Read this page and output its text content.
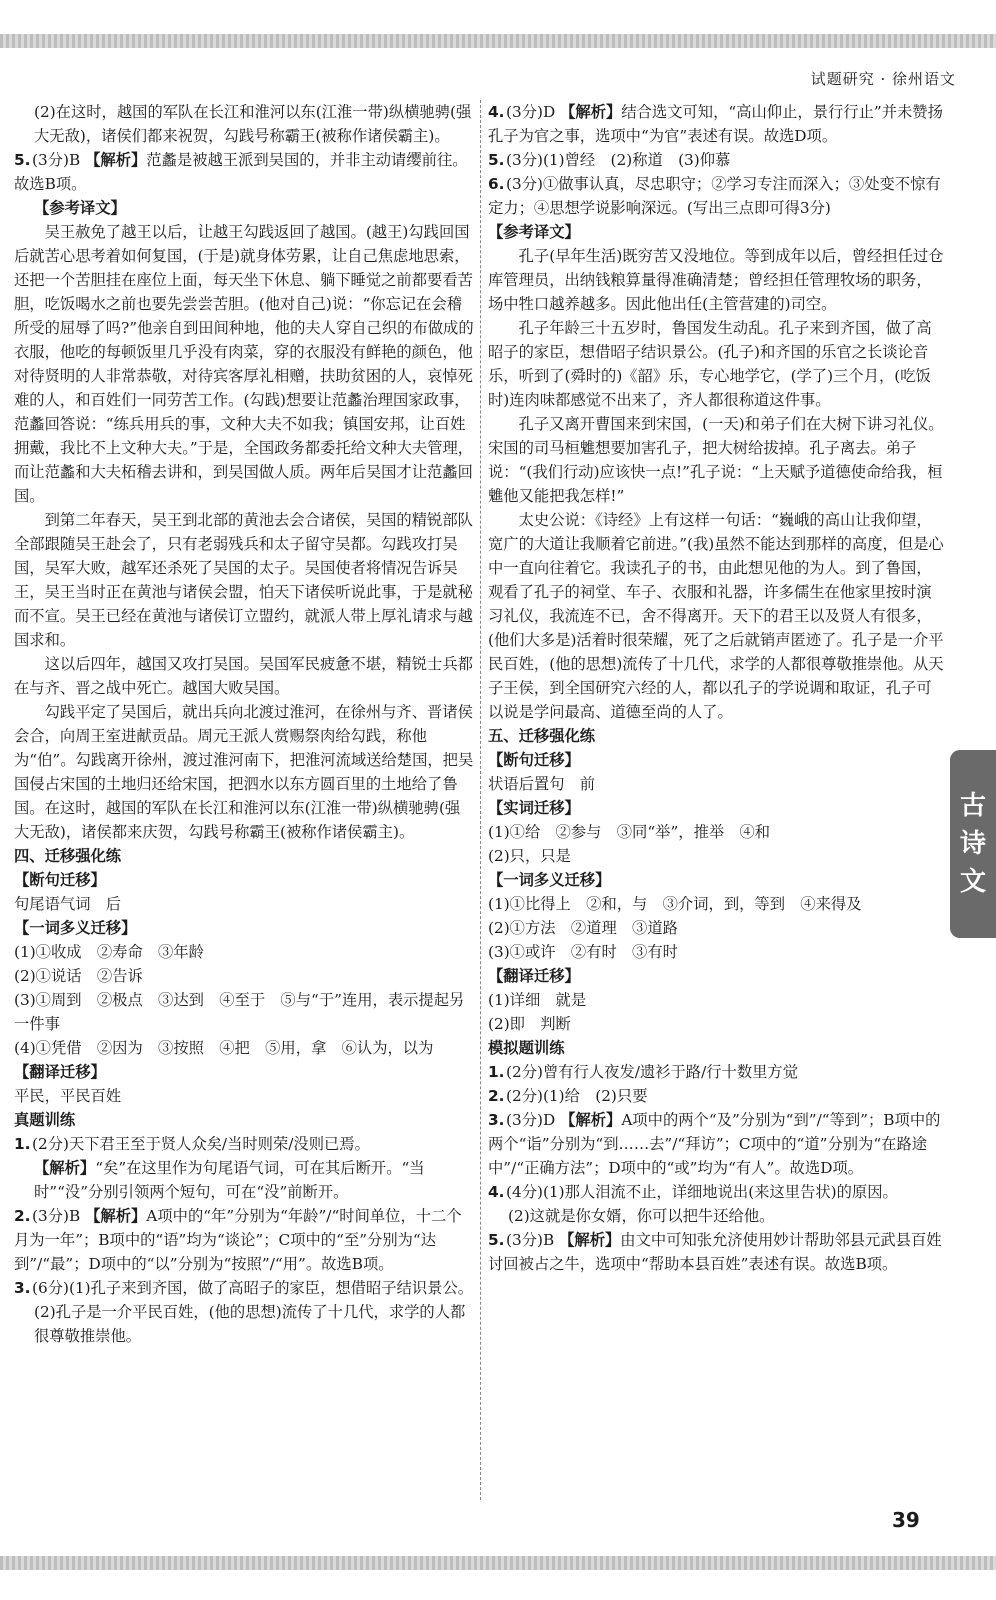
试题研究 · 徐州语文

(2)在这时，越国的军队在长江和淮河以东(江淮一带)纵横驰骋(强大无敌)，诸侯们都来祝贺，勾践号称霸王(被称作诸侯霸主)。

5. (3分)B 【解析】范蠡是被越王派到吴国的，并非主动请缨前往。故选B项。

【参考译文】

吴王赦免了越王以后，让越王勾践返回了越国。(越王)勾践回国后就苦心思考着如何复国，(于是)就身体劳累，让自己焦虑地思索，还把一个苦胆挂在座位上面，每天坐下休息、躺下睡觉之前都要看苦胆，吃饭喝水之前也要先尝尝苦胆。(他对自己)说：“你忘记在会稽所受的屈辱了吗?”他亲自到田间种地，他的夫人穿自己织的布做成的衣服，他吃的每顿饭里几乎没有肉菜，穿的衣服没有鲜艳的颜色，他对待贤明的人非常恭敬，对待宾客厚礼相赠，扶助贫困的人，哀悼死难的人，和百姓们一同劳苦工作。(勾践)想要让范蠡治理国家政事，范蠡回答说：“练兵用兵的事，文种大夫不如我；镇国安邦，让百姓拥戴，我比不上文种大夫。”于是，全国政务都委托给文种大夫管理，而让范蠡和大夫柘稽去讲和，到吴国做人质。两年后吴国才让范蠡回国。

到第二年春天，吴王到北部的黄池去会合诸侯，吴国的精锐部队全部跟随吴王赴会了，只有老弱残兵和太子留守吴都。勾践攻打吴国，吴军大败，越军还杀死了吴国的太子。吴国使者将情况告诉吴王，吴王当时正在黄池与诸侯会盟，怕天下诸侯听说此事，于是就秘而不宣。吴王已经在黄池与诸侯订立盟约，就派人带上厚礼请求与越国求和。

这以后四年，越国又攻打吴国。吴国军民疲惫不堪，精锐士兵都在与齐、晋之战中死亡。越国大败吴国。

勾践平定了吴国后，就出兵向北渡过淮河，在徐州与齐、晋诸侯会合，向周王室进献贡品。周元王派人赏赐祭肉给勾践，称他为“伯”。勾践离开徐州，渡过淮河南下，把淮河流域送给楚国，把吴国侵占宋国的土地归还给宋国，把泗水以东方圆百里的土地给了鲁国。在这时，越国的军队在长江和淮河以东(江淮一带)纵横驰骋(强大无敌)，诸侯都来庆贺，勾践号称霸王(被称作诸侯霸主)。

四、迁移强化练

【断句迁移】

句尾语气词　后

【一词多义迁移】

(1)①收成　②寿命　③年龄

(2)①说话　②告诉

(3)①周到　②极点　③达到　④至于　⑤与“于”连用，表示提起另一件事

(4)①凭借　②因为　③按照　④把　⑤用，拿　⑥认为，以为

【翻译迁移】

平民，平民百姓

真题训练

1. (2分)天下君王至于贤人众矣/当时则荣/没则已焉。

【解析】“矣”在这里作为句尾语气词，可在其后断开。“当时”“没”分别引领两个短句，可在“没”前断开。

2. (3分)B 【解析】A项中的“年”分别为“年龄”/“时间单位，十二个月为一年”；B项中的“语”均为“谈论”；C项中的“至”分别为“达到”/“最”；D项中的“以”分别为“按照”/“用”。故选B项。

3. (6分)(1)孔子来到齐国，做了高昭子的家臣，想借昭子结识景公。

(2)孔子是一介平民百姓，(他的思想)流传了十几代，求学的人都很尊敬推崇他。

4. (3分)D 【解析】结合选文可知，“高山仰止，景行行止”并未赞扬孔子为官之事，选项中“为官”表述有误。故选D项。

5. (3分)(1)曾经　(2)称道　(3)仰慕

6. (3分)①做事认真，尽忠职守；②学习专注而深入；③处变不惊有定力；④思想学说影响深远。(写出三点即可得3分)

【参考译文】

孔子(早年生活)既穷苦又没地位。等到成年以后，曾经担任过仓库管理员，出纳钱粮算量得准确清楚；曾经担任管理牧场的职务，场中牲口越养越多。因此他出任(主管营建的)司空。

孔子年龄三十五岁时，鲁国发生动乱。孔子来到齐国，做了高昭子的家臣，想借昭子结识景公。(孔子)和齐国的乐官之长谈论音乐，听到了(舜时的)《韶》乐，专心地学它，(学了)三个月，(吃饭时)连肉味都感觉不出来了，齐人都很称道这件事。

孔子又离开曹国来到宋国，(一天)和弟子们在大树下讲习礼仪。宋国的司马桓魋想要加害孔子，把大树给拔掉。孔子离去。弟子说：“(我们行动)应该快一点!”孔子说：“上天赋予道德使命给我，桓魋他又能把我怎样!”

太史公说：《诗经》上有这样一句话：“巍峨的高山让我仰望，宽广的大道让我顺着它前进。”(我)虽然不能达到那样的高度，但是心中一直向往着它。我读孔子的书，由此想见他的为人。到了鲁国，观看了孔子的祠堂、车子、衣服和礼器，许多儒生在他家里按时演习礼仪，我流连不已，舍不得离开。天下的君王以及贤人有很多，(他们大多是)活着时很荣耀，死了之后就销声匿迹了。孔子是一介平民百姓，(他的思想)流传了十几代，求学的人都很尊敬推崇他。从天子王侯，到全国研究六经的人，都以孔子的学说调和取证，孔子可以说是学问最高、道德至尚的人了。

五、迁移强化练

【断句迁移】

状语后置句　前

【实词迁移】

(1)①给　②参与　③同“举”，推举　④和

(2)只，只是

【一词多义迁移】

(1)①比得上　②和，与　③介词，到，等到　④来得及

(2)①方法　②道理　③道路

(3)①或许　②有时　③有时

【翻译迁移】

(1)详细　就是

(2)即　判断

模拟题训练

1. (2分)曾有行人夜发/遗衫于路/行十数里方觉

2. (2分)(1)给　(2)只要

3. (3分)D 【解析】A项中的两个“及”分别为“到”/“等到”；B项中的两个“诣”分别为“到……去”/“拜访”；C项中的“道”分别为“在路途中”/“正确方法”；D项中的“或”均为“有人”。故选D项。

4. (4分)(1)那人泪流不止，详细地说出(来这里告状)的原因。

(2)这就是你女婿，你可以把牛还给他。

5. (3分)B 【解析】由文中可知张允济使用妙计帮助邻县元武县百姓讨回被占之牛，选项中“帮助本县百姓”表述有误。故选B项。

古
诗
文
39
